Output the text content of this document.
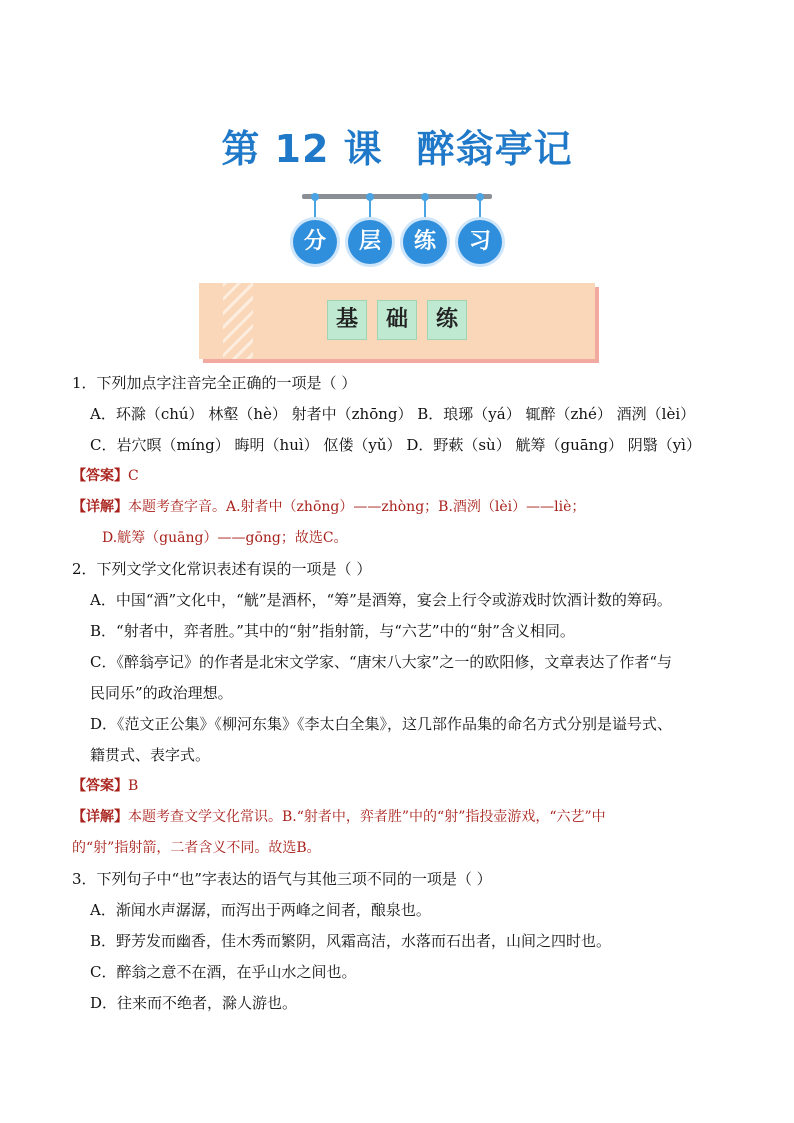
第 12 课 醉翁亭记
分	层	练	习
基 础 练
1．下列加点字注音完全正确的一项是（ ）
A．环滁（chú） 林壑（hè） 射者中（zhōng） B．琅琊（yá） 辄醉（zhé） 酒洌（lèi）
C．岩穴暝（míng） 晦明（huì） 伛偻（yǔ） D．野蔌（sù） 觥筹（guāng） 阴翳（yì）
【答案】C
【详解】本题考查字音。A.射者中（zhōng）——zhòng；B.酒洌（lèi）——liè；
D.觥筹（guāng）——gōng；故选C。
2．下列文学文化常识表述有误的一项是（ ）
A．中国“酒”文化中，“觥”是酒杯，“筹”是酒筹，宴会上行令或游戏时饮酒计数的筹码。
B．“射者中，弈者胜。”其中的“射”指射箭，与“六艺”中的“射”含义相同。
C．《醉翁亭记》的作者是北宋文学家、“唐宋八大家”之一的欧阳修，文章表达了作者“与
民同乐”的政治理想。
D．《范文正公集》《柳河东集》《李太白全集》，这几部作品集的命名方式分别是谥号式、
籍贯式、表字式。
【答案】B
【详解】本题考查文学文化常识。B.“射者中，弈者胜”中的“射”指投壶游戏，“六艺”中
的“射”指射箭，二者含义不同。故选B。
3．下列句子中“也”字表达的语气与其他三项不同的一项是（ ）
A．渐闻水声潺潺，而泻出于两峰之间者，酿泉也。
B．野芳发而幽香，佳木秀而繁阴，风霜高洁，水落而石出者，山间之四时也。
C．醉翁之意不在酒，在乎山水之间也。
D．往来而不绝者，滁人游也。
